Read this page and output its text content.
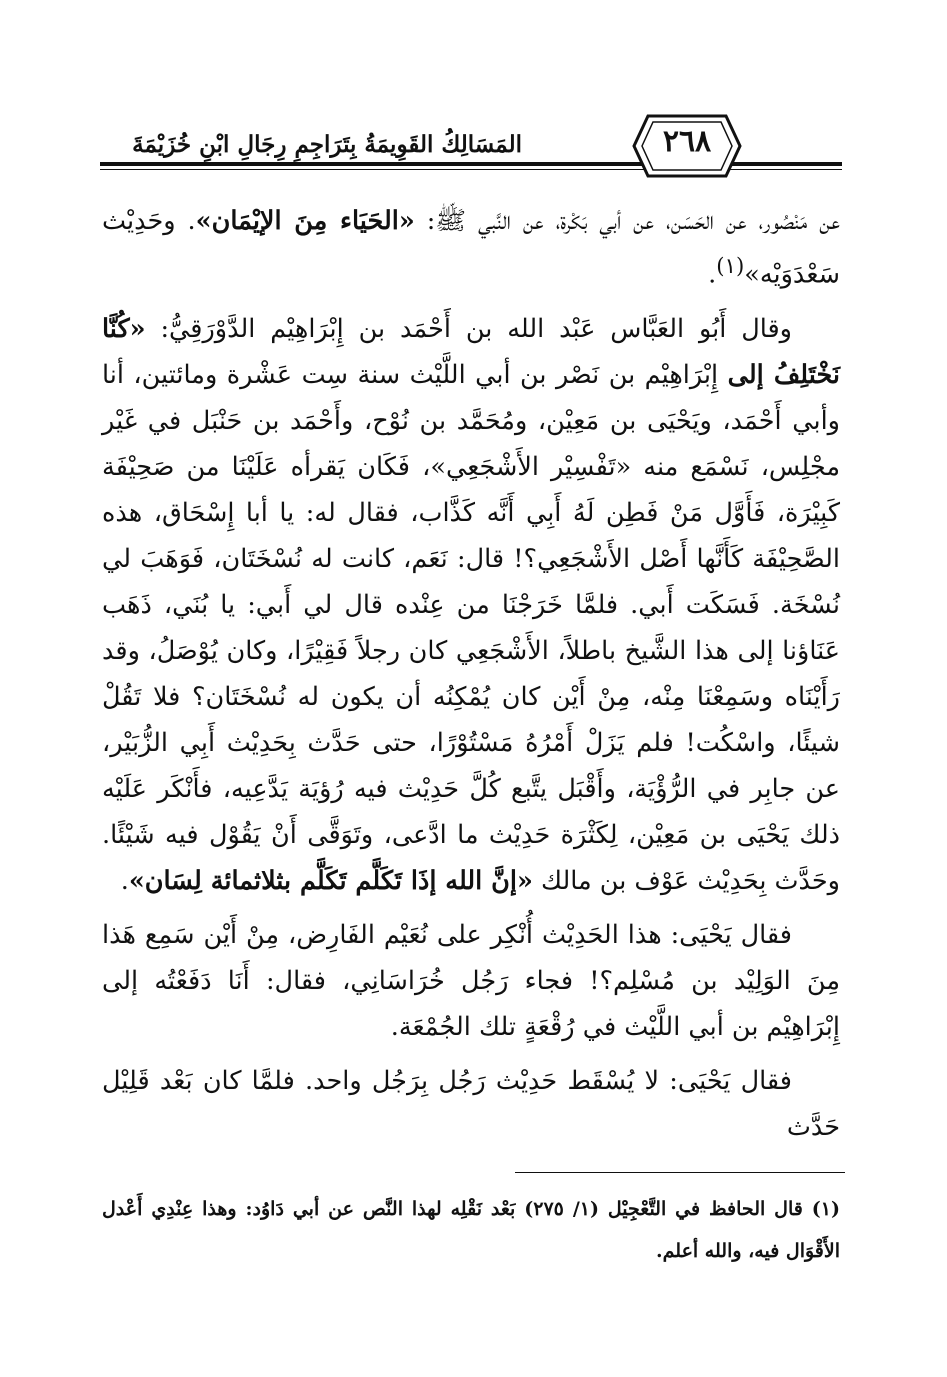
المَسَالِكُ القَوِيمَةُ بِتَرَاجِمِ رِجَالِ ابْنِ خُزَيْمَةَ	٢٦٨

عن مَنْصُور، عن الحَسَن، عن أبي بَكْرة، عن النَّبي ﷺ: «الحَيَاء مِنَ الإيْمَان». وحَدِيْث سَعْدَوَيْه»$^{(١)}$.

وقال أَبُو العَبَّاس عَبْد الله بن أَحْمَد بن إِبْرَاهِيْم الدَّوْرَقِيُّ: «كُنَّا نَخْتَلِفُ إلى إِبْرَاهِيْم بن نَصْر بن أبي اللَّيْث سنة سِت عَشْرة ومائتين، أنا وأبي أَحْمَد، ويَحْيَى بن مَعِيْن، ومُحَمَّد بن نُوْح، وأَحْمَد بن حَنْبَل في غَيْر مجْلِس، نَسْمَع منه «تَفْسِيْر الأَشْجَعِي»، فَكَان يَقرأه عَلَيْنَا من صَحِيْفَة كَبِيْرَة، فَأَوَّل مَنْ فَطِن لَهُ أَبِي أَنَّه كَذَّاب، فقال له: يا أبا إِسْحَاق، هذه الصَّحِيْفَة كَأَنَّها أَصْل الأَشْجَعِي؟! قال: نَعَم، كانت له نُسْخَتَان، فَوَهَبَ لي نُسْخَة. فَسَكَت أَبي. فلمَّا خَرَجْنَا من عِنْده قال لي أَبي: يا بُنَي، ذَهَب عَنَاؤنا إلى هذا الشَّيخ باطلاً، الأَشْجَعِي كان رجلاً فَقِيْرًا، وكان يُوْصَلُ، وقد رَأَيْنَاه وسَمِعْنَا مِنْه، مِنْ أَيْن كان يُمْكِنُه أن يكون له نُسْخَتَان؟ فلا تَقُلْ شيئًا، واسْكُت! فلم يَزَلْ أَمْرُهُ مَسْتُوْرًا، حتى حَدَّث بِحَدِيْث أَبِي الزُّبَيْر، عن جابِر في الرُّؤْيَة، وأَقْبَل يتَّبع كُلَّ حَدِيْث فيه رُؤيَة يَدَّعِيه، فأَنْكَر عَلَيْه ذلك يَحْيَى بن مَعِيْن، لِكَثْرَة حَدِيْث ما ادَّعى، وتَوَقَّى أَنْ يَقُوْل فيه شَيْئًا. وحَدَّث بِحَدِيْث عَوْف بن مالك «إنَّ الله إذَا تَكَلَّم تَكَلَّم بثلاثمائة لِسَان».

فقال يَحْيَى: هذا الحَدِيْث أُنْكِر على نُعَيْم الفَارِض، مِنْ أَيْن سَمِع هَذا مِنَ الوَلِيْد بن مُسْلِم؟! فجاء رَجُل خُرَاسَانِي، فقال: أَنَا دَفَعْتُه إلى إِبْرَاهِيْم بن أبي اللَّيْث في رُقْعَةٍ تلك الجُمْعَة.

فقال يَحْيَى: لا يُسْقَط حَدِيْث رَجُل بِرَجُل واحد. فلمَّا كان بَعْد قَلِيْل حَدَّث

(١) قال الحافظ في التَّعْجِيْل (١/ ٢٧٥) بَعْد نَقْلِه لهذا النَّص عن أبي دَاوُد: وهذا عِنْدِي أَعْدل الأَقْوَال فيه، والله أعلم.
